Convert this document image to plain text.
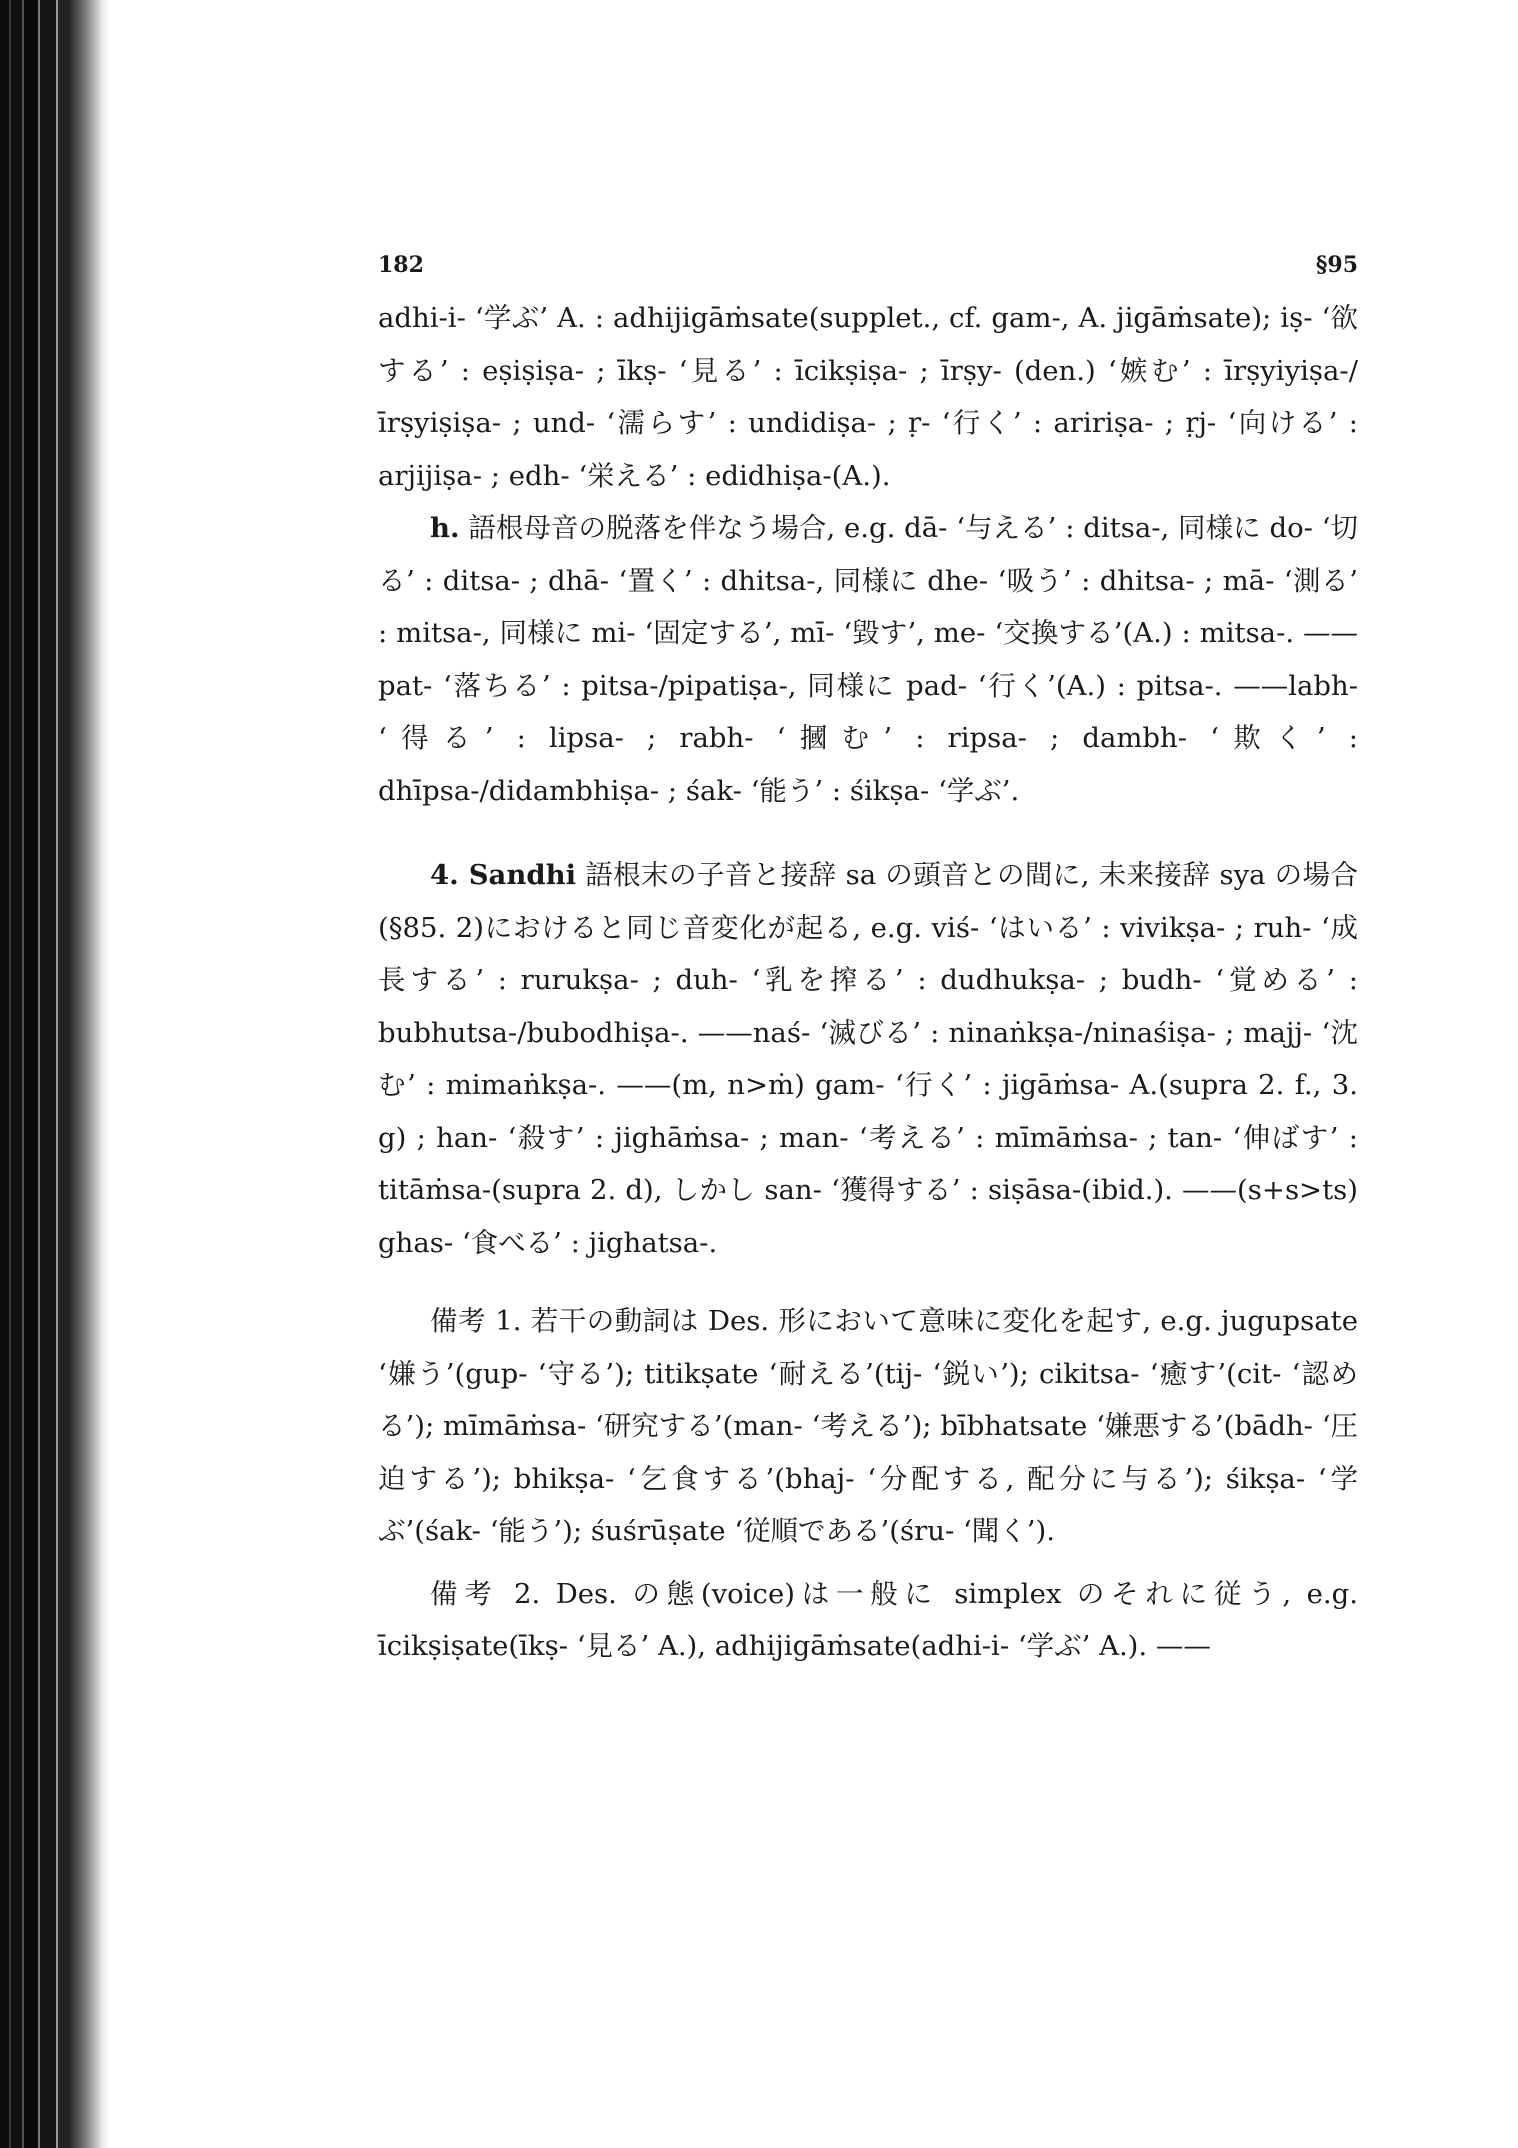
182	§95

adhi-i- ‘学ぶ’ A. : adhijigāṁsate(supplet., cf. gam-, A. jigāṁsate); iṣ- ‘欲する’ : eṣiṣiṣa- ; īkṣ- ‘見る’ : īcikṣiṣa- ; īrṣy- (den.) ‘嫉む’ : īrṣyiyiṣa-/īrṣyiṣiṣa- ; und- ‘濡らす’ : undidiṣa- ; ṛ- ‘行く’ : aririṣa- ; ṛj- ‘向ける’ : arjijiṣa- ; edh- ‘栄える’ : edidhiṣa-(A.).

h. 語根母音の脱落を伴なう場合, e.g. dā- ‘与える’ : ditsa-, 同様に do- ‘切る’ : ditsa- ; dhā- ‘置く’ : dhitsa-, 同様に dhe- ‘吸う’ : dhitsa- ; mā- ‘測る’ : mitsa-, 同様に mi- ‘固定する’, mī- ‘毀す’, me- ‘交換する’(A.) : mitsa-. ——pat- ‘落ちる’ : pitsa-/pipatiṣa-, 同様に pad- ‘行く’(A.) : pitsa-. ——labh- ‘得る’ : lipsa- ; rabh- ‘摑む’ : ripsa- ; dambh- ‘欺く’ : dhīpsa-/didambhiṣa- ; śak- ‘能う’ : śikṣa- ‘学ぶ’.

4. Sandhi 語根末の子音と接辞 sa の頭音との間に, 未来接辞 sya の場合(§85. 2)におけると同じ音変化が起る, e.g. viś- ‘はいる’ : vivikṣa- ; ruh- ‘成長する’ : rurukṣa- ; duh- ‘乳を搾る’ : dudhukṣa- ; budh- ‘覚める’ : bubhutsa-/bubodhiṣa-. ——naś- ‘滅びる’ : ninaṅkṣa-/ninaśiṣa- ; majj- ‘沈む’ : mimaṅkṣa-. ——(m, n>ṁ) gam- ‘行く’ : jigāṁsa- A.(supra 2. f., 3. g) ; han- ‘殺す’ : jighāṁsa- ; man- ‘考える’ : mīmāṁsa- ; tan- ‘伸ばす’ : titāṁsa-(supra 2. d), しかし san- ‘獲得する’ : siṣāsa-(ibid.). ——(s+s>ts) ghas- ‘食べる’ : jighatsa-.

備考 1. 若干の動詞は Des. 形において意味に変化を起す, e.g. jugupsate ‘嫌う’(gup- ‘守る’); titikṣate ‘耐える’(tij- ‘鋭い’); cikitsa- ‘癒す’(cit- ‘認める’); mīmāṁsa- ‘研究する’(man- ‘考える’); bībhatsate ‘嫌悪する’(bādh- ‘圧迫する’); bhikṣa- ‘乞食する’(bhaj- ‘分配する, 配分に与る’); śikṣa- ‘学ぶ’(śak- ‘能う’); śuśrūṣate ‘従順である’(śru- ‘聞く’).

備考 2. Des. の態(voice)は一般に simplex のそれに従う, e.g. īcikṣiṣate(īkṣ- ‘見る’ A.), adhijigāṁsate(adhi-i- ‘学ぶ’ A.). ——
